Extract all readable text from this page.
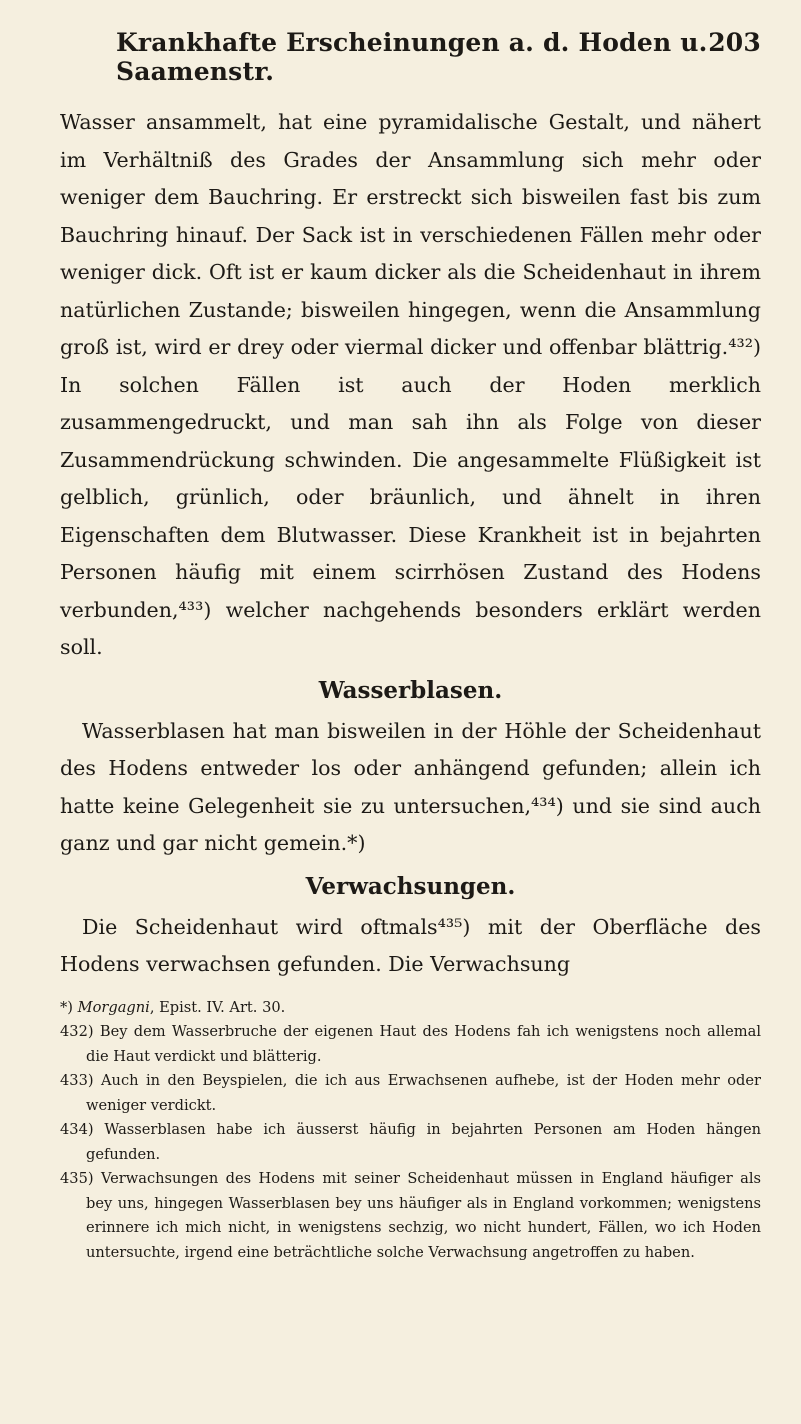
Krankhafte Erscheinungen a. d. Hoden u. Saamenstr.
203

Wasser ansammelt, hat eine pyramidalische Gestalt, und nähert im Verhältniß des Grades der Ansammlung sich mehr oder weniger dem Bauchring. Er erstreckt sich bisweilen fast bis zum Bauchring hinauf. Der Sack ist in verschiedenen Fällen mehr oder weniger dick. Oft ist er kaum dicker als die Scheidenhaut in ihrem natürlichen Zustande; bisweilen hingegen, wenn die Ansammlung groß ist, wird er drey oder viermal dicker und offenbar blättrig.⁴³²) In solchen Fällen ist auch der Hoden merklich zusammengedruckt, und man sah ihn als Folge von dieser Zusammendrückung schwinden. Die angesammelte Flüßigkeit ist gelblich, grünlich, oder bräunlich, und ähnelt in ihren Eigenschaften dem Blutwasser. Diese Krankheit ist in bejahrten Personen häufig mit einem scirrhösen Zustand des Hodens verbunden,⁴³³) welcher nachgehends besonders erklärt werden soll.

Wasserblasen.

Wasserblasen hat man bisweilen in der Höhle der Scheidenhaut des Hodens entweder los oder anhängend gefunden; allein ich hatte keine Gelegenheit sie zu untersuchen,⁴³⁴) und sie sind auch ganz und gar nicht gemein.*)

Verwachsungen.

Die Scheidenhaut wird oftmals⁴³⁵) mit der Oberfläche des Hodens verwachsen gefunden. Die Verwachsung

*) Morgagni, Epist. IV. Art. 30.

432) Bey dem Wasserbruche der eigenen Haut des Hodens fah ich wenigstens noch allemal die Haut verdickt und blätterig.

433) Auch in den Beyspielen, die ich aus Erwachsenen aufhebe, ist der Hoden mehr oder weniger verdickt.

434) Wasserblasen habe ich äusserst häufig in bejahrten Personen am Hoden hängen gefunden.

435) Verwachsungen des Hodens mit seiner Scheidenhaut müssen in England häufiger als bey uns, hingegen Wasserblasen bey uns häufiger als in England vorkommen; wenigstens erinnere ich mich nicht, in wenigstens sechzig, wo nicht hundert, Fällen, wo ich Hoden untersuchte, irgend eine beträchtliche solche Verwachsung angetroffen zu haben.
